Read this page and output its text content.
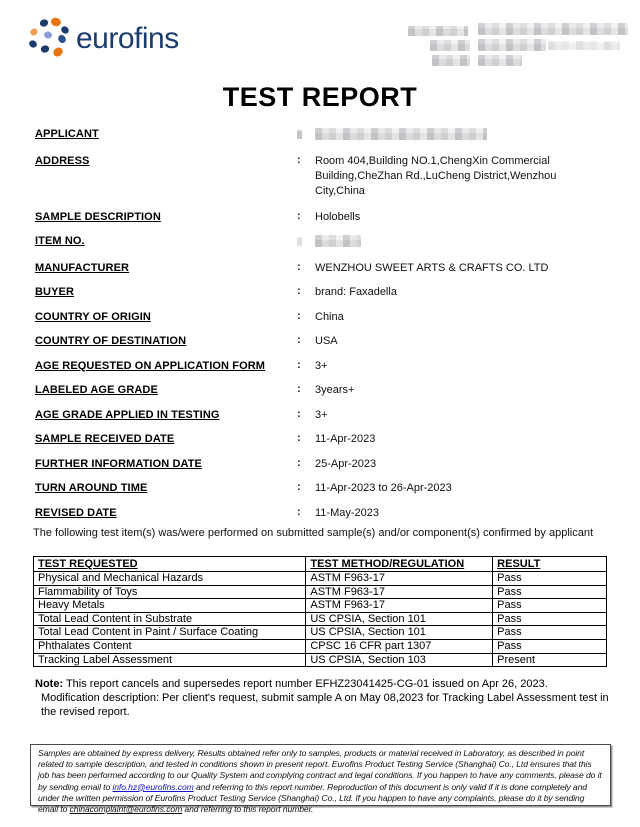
eurofins
TEST REPORT
APPLICANT
ADDRESS	:	Room 404,Building NO.1,ChengXin Commercial Building,CheZhan Rd.,LuCheng District,Wenzhou City,China
SAMPLE DESCRIPTION	:	Holobells
ITEM NO.
MANUFACTURER	:	WENZHOU SWEET ARTS & CRAFTS CO. LTD
BUYER	:	brand: Faxadella
COUNTRY OF ORIGIN	:	China
COUNTRY OF DESTINATION	:	USA
AGE REQUESTED ON APPLICATION FORM	:	3+
LABELED AGE GRADE	:	3years+
AGE GRADE APPLIED IN TESTING	:	3+
SAMPLE RECEIVED DATE	:	11-Apr-2023
FURTHER INFORMATION DATE	:	25-Apr-2023
TURN AROUND TIME	:	11-Apr-2023 to 26-Apr-2023
REVISED DATE	:	11-May-2023
The following test item(s) was/were performed on submitted sample(s) and/or component(s) confirmed by applicant
TEST REQUESTED	TEST METHOD/REGULATION	RESULT
Physical and Mechanical Hazards	ASTM F963-17	Pass
Flammability of Toys	ASTM F963-17	Pass
Heavy Metals	ASTM F963-17	Pass
Total Lead Content in Substrate	US CPSIA, Section 101	Pass
Total Lead Content in Paint / Surface Coating	US CPSIA, Section 101	Pass
Phthalates Content	CPSC 16 CFR part 1307	Pass
Tracking Label Assessment	US CPSIA, Section 103	Present

Note: This report cancels and supersedes report number EFHZ23041425-CG-01 issued on Apr 26, 2023.
Modification description: Per client's request, submit sample A on May 08,2023 for Tracking Label Assessment test in the revised report.

Samples are obtained by express delivery, Results obtained refer only to samples, products or material received in Laboratory, as described in point related to sample description, and tested in conditions shown in present report. Eurofins Product Testing Service (Shanghai) Co., Ltd ensures that this job has been performed according to our Quality System and complying contract and legal conditions. If you happen to have any comments, please do it by sending email to info.hz@eurofins.com and referring to this report number. Reproduction of this document is only valid if it is done completely and under the written permission of Eurofins Product Testing Service (Shanghai) Co., Ltd. If you happen to have any complaints, please do it by sending email to chinacomplaint@eurofins.com and referring to this report number.
